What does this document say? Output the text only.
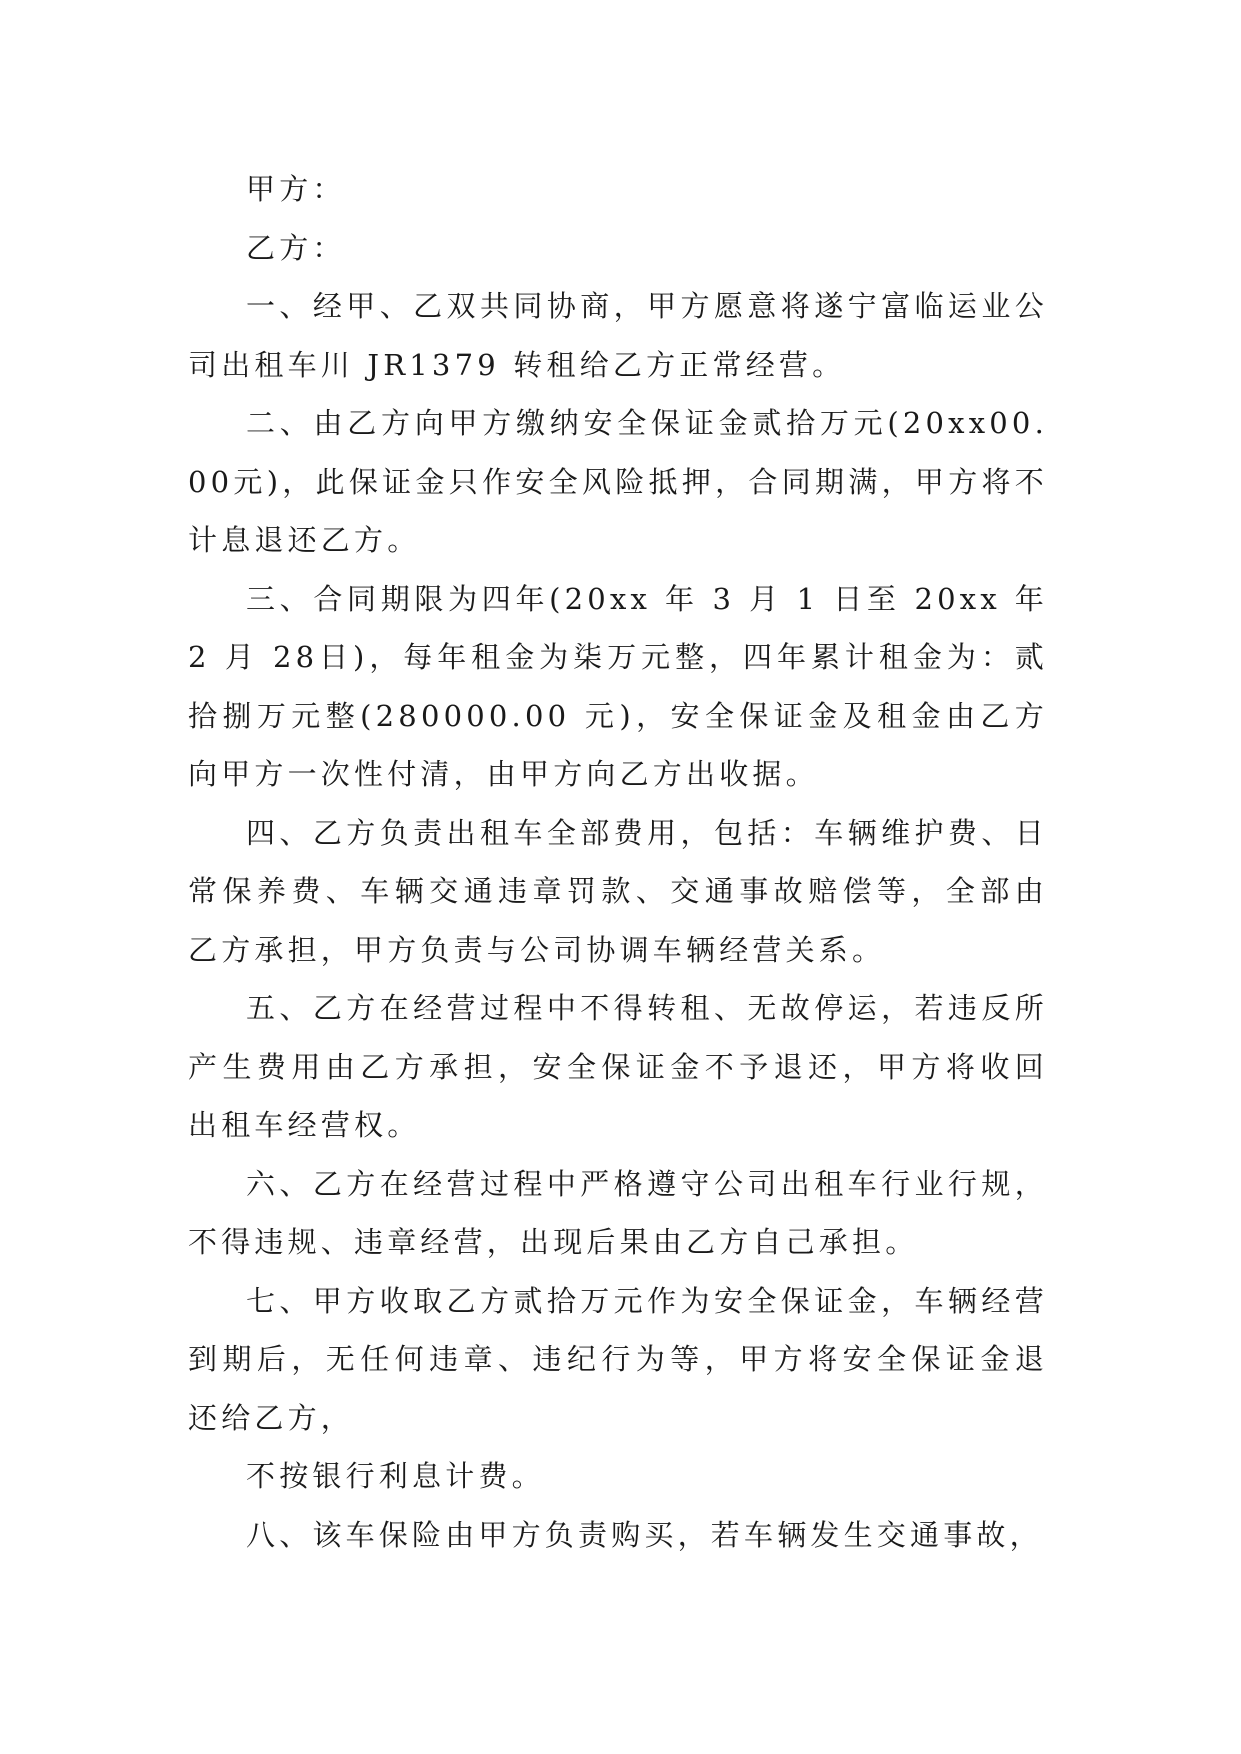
甲方：

乙方：

一、经甲、乙双共同协商，甲方愿意将遂宁富临运业公司出租车川 JR1379 转租给乙方正常经营。

二、由乙方向甲方缴纳安全保证金贰拾万元(20xx00.00元)，此保证金只作安全风险抵押，合同期满，甲方将不计息退还乙方。

三、合同期限为四年(20xx 年 3 月 1 日至 20xx 年 2 月 28日)，每年租金为柒万元整，四年累计租金为：贰拾捌万元整(280000.00 元)，安全保证金及租金由乙方向甲方一次性付清，由甲方向乙方出收据。

四、乙方负责出租车全部费用，包括：车辆维护费、日常保养费、车辆交通违章罚款、交通事故赔偿等，全部由乙方承担，甲方负责与公司协调车辆经营关系。

五、乙方在经营过程中不得转租、无故停运，若违反所产生费用由乙方承担，安全保证金不予退还，甲方将收回出租车经营权。

六、乙方在经营过程中严格遵守公司出租车行业行规，不得违规、违章经营，出现后果由乙方自己承担。

七、甲方收取乙方贰拾万元作为安全保证金，车辆经营到期后，无任何违章、违纪行为等，甲方将安全保证金退还给乙方，

不按银行利息计费。

八、该车保险由甲方负责购买，若车辆发生交通事故，
